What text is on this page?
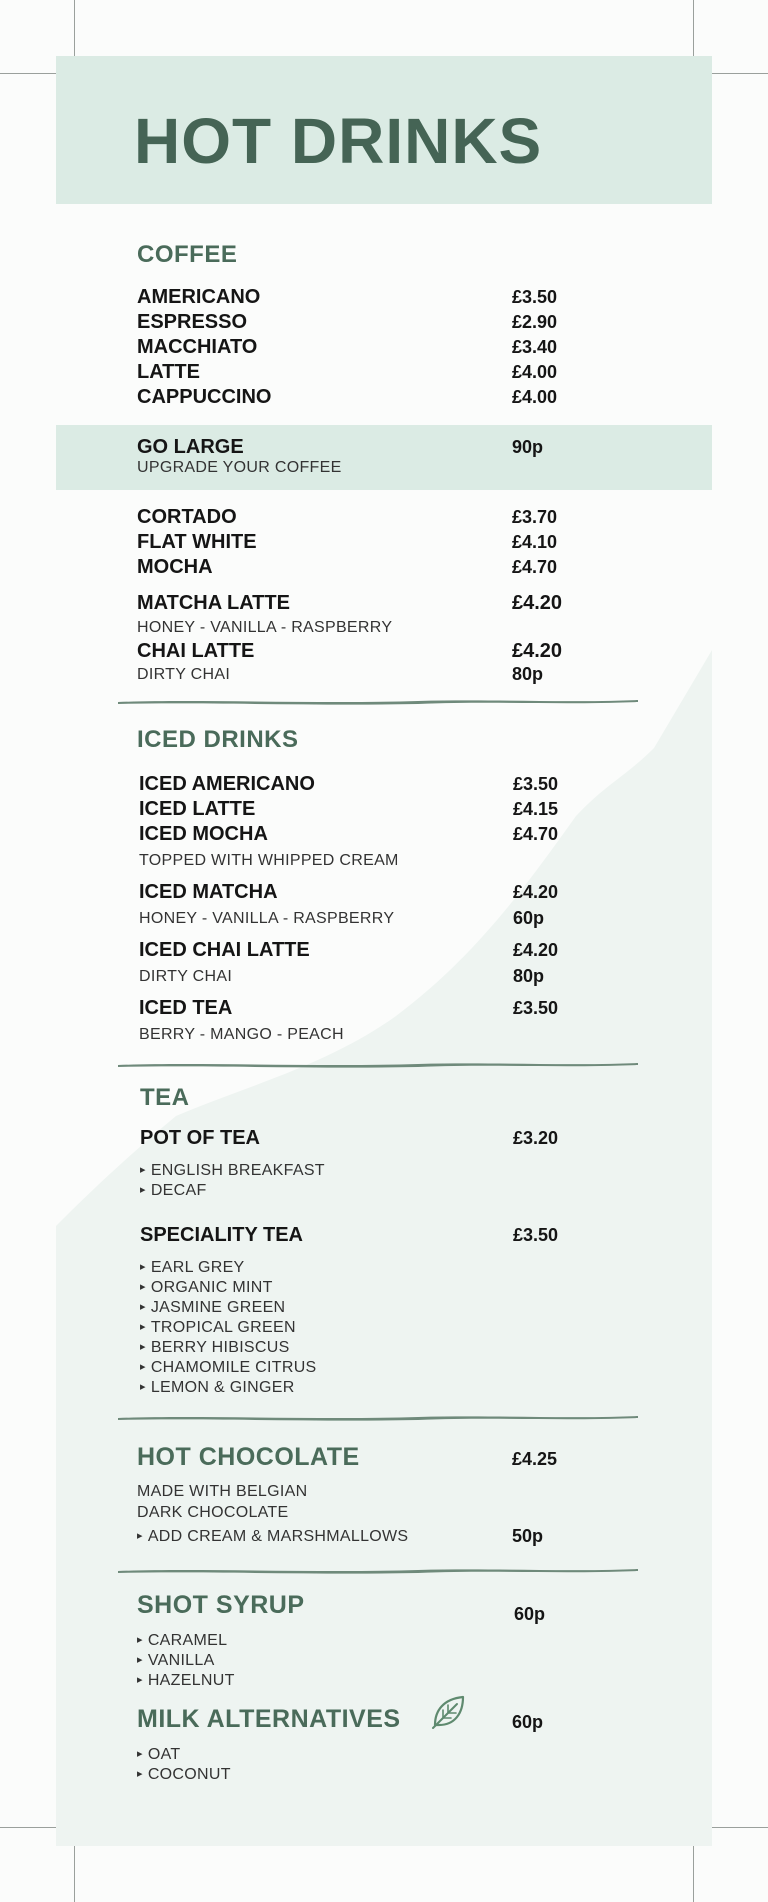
HOT DRINKS
COFFEE
AMERICANO	£3.50
ESPRESSO	£2.90
MACCHIATO	£3.40
LATTE	£4.00
CAPPUCCINO	£4.00
GO LARGE	90p
UPGRADE YOUR COFFEE
CORTADO	£3.70
FLAT WHITE	£4.10
MOCHA	£4.70
MATCHA LATTE	£4.20
HONEY - VANILLA - RASPBERRY
CHAI LATTE	£4.20
DIRTY CHAI	80p
ICED DRINKS
ICED AMERICANO	£3.50
ICED LATTE	£4.15
ICED MOCHA	£4.70
TOPPED WITH WHIPPED CREAM
ICED MATCHA	£4.20
HONEY - VANILLA - RASPBERRY	60p
ICED CHAI LATTE	£4.20
DIRTY CHAI	80p
ICED TEA	£3.50
BERRY - MANGO - PEACH
TEA
POT OF TEA	£3.20
▸ ENGLISH BREAKFAST
▸ DECAF
SPECIALITY TEA	£3.50
▸ EARL GREY
▸ ORGANIC MINT
▸ JASMINE GREEN
▸ TROPICAL GREEN
▸ BERRY HIBISCUS
▸ CHAMOMILE CITRUS
▸ LEMON & GINGER
HOT CHOCOLATE	£4.25
MADE WITH BELGIAN
DARK CHOCOLATE
▸ ADD CREAM & MARSHMALLOWS	50p
SHOT SYRUP	60p
▸ CARAMEL
▸ VANILLA
▸ HAZELNUT
MILK ALTERNATIVES	60p
▸ OAT
▸ COCONUT
